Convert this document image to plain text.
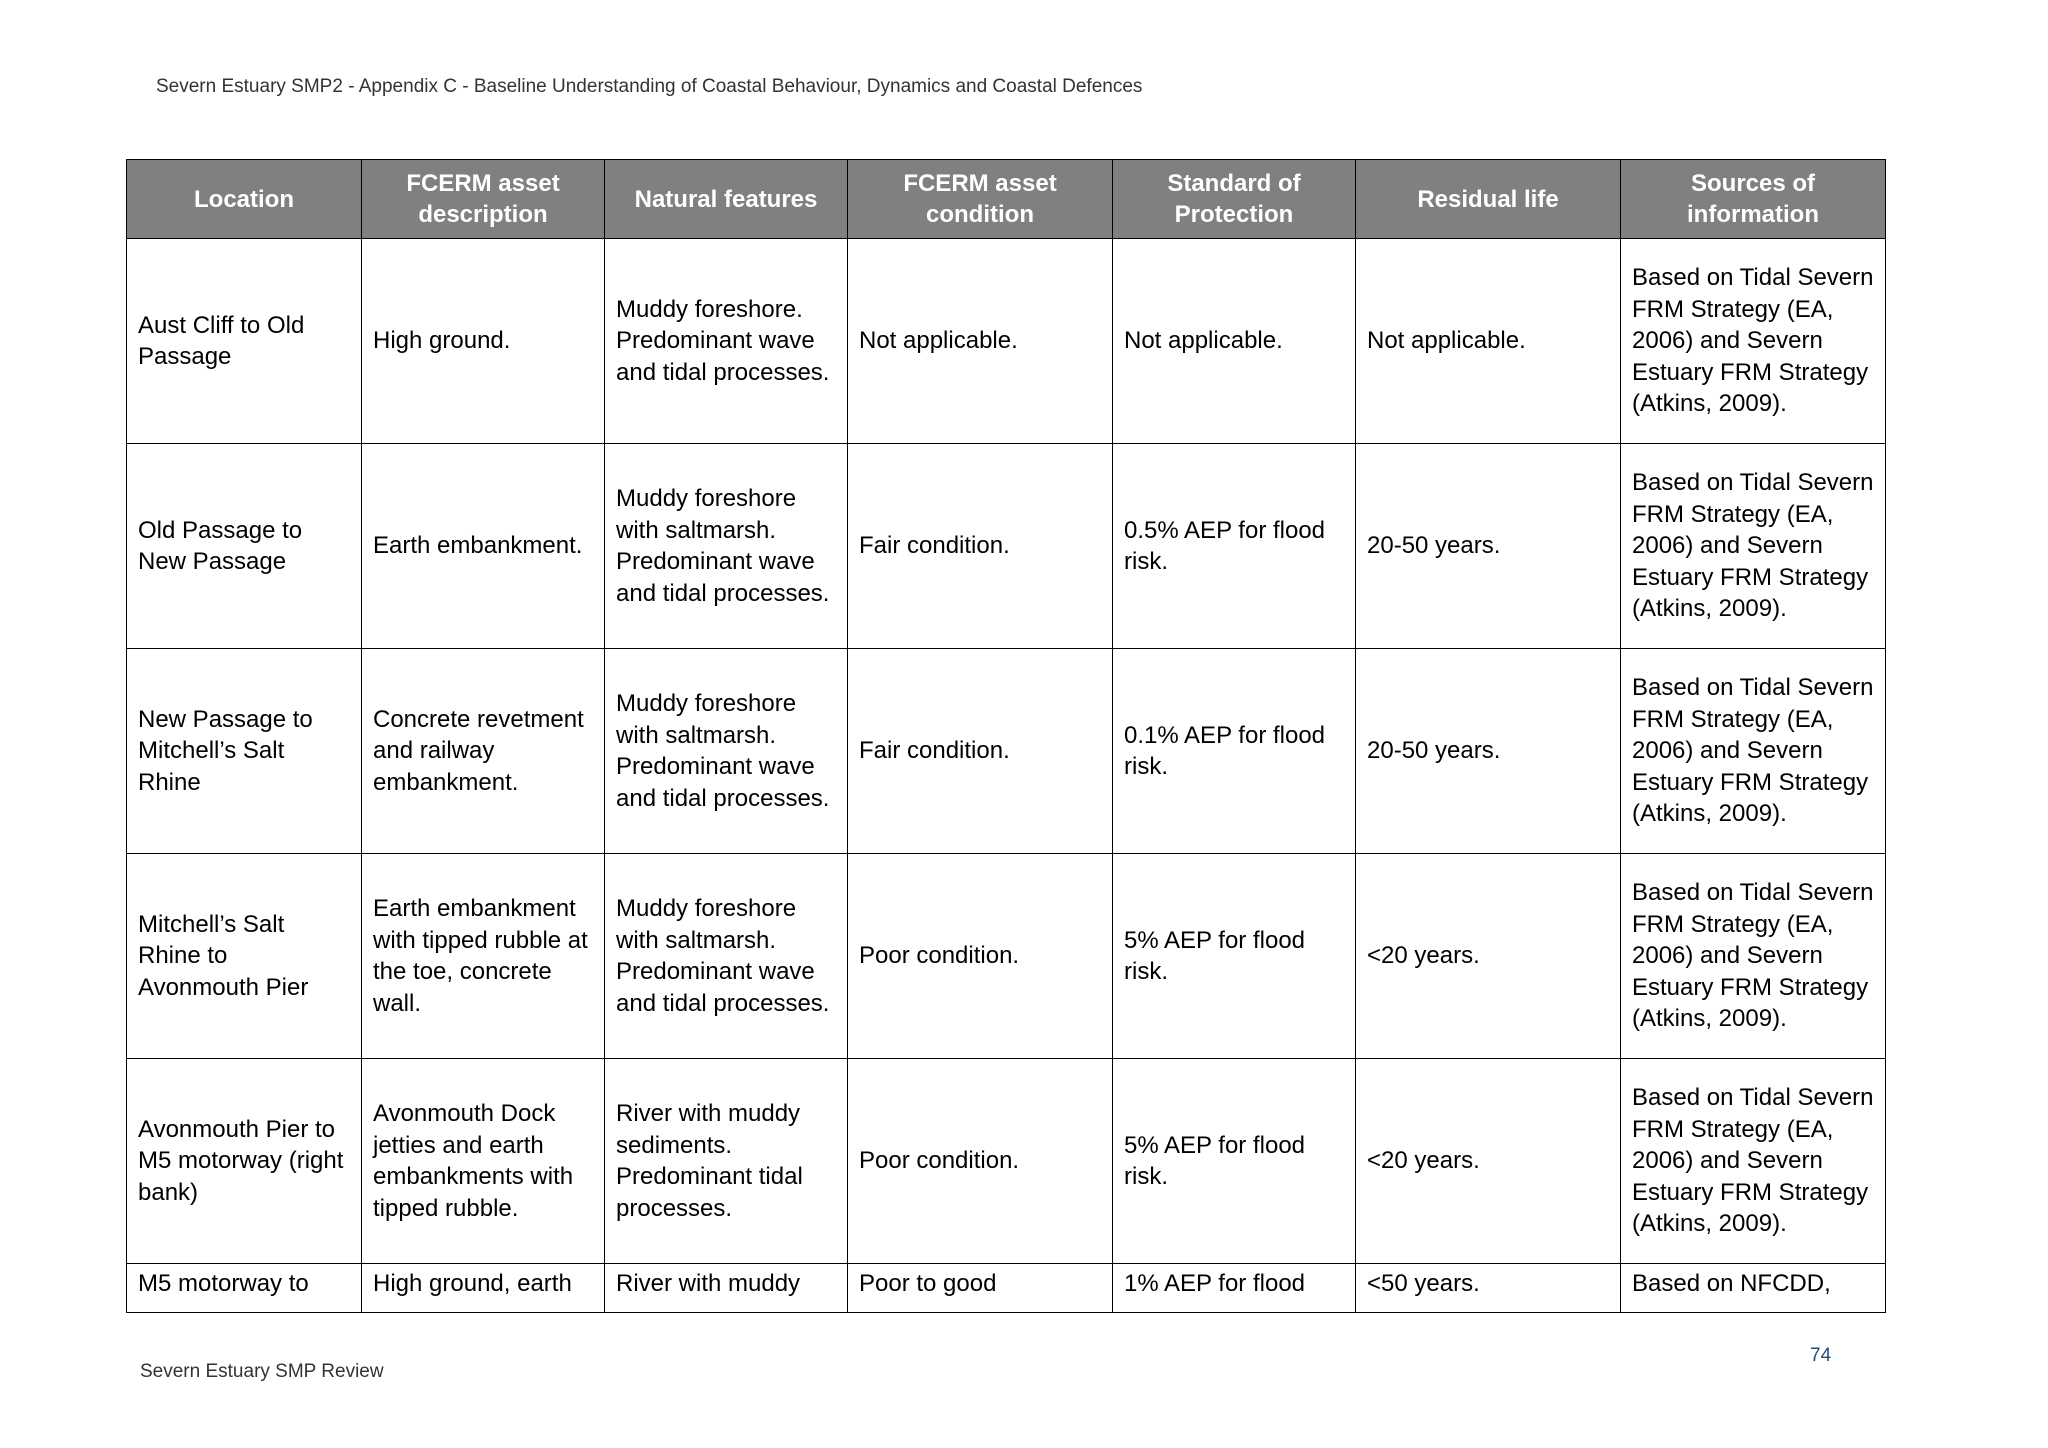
Severn Estuary SMP2 - Appendix C - Baseline Understanding of Coastal Behaviour, Dynamics and Coastal Defences
Location	FCERM asset description	Natural features	FCERM asset condition	Standard of Protection	Residual life	Sources of information
Aust Cliff to Old Passage	High ground.	Muddy foreshore. Predominant wave and tidal processes.	Not applicable.	Not applicable.	Not applicable.	Based on Tidal Severn FRM Strategy (EA, 2006) and Severn Estuary FRM Strategy (Atkins, 2009).
Old Passage to New Passage	Earth embankment.	Muddy foreshore with saltmarsh. Predominant wave and tidal processes.	Fair condition.	0.5% AEP for flood risk.	20-50 years.	Based on Tidal Severn FRM Strategy (EA, 2006) and Severn Estuary FRM Strategy (Atkins, 2009).
New Passage to Mitchell’s Salt Rhine	Concrete revetment and railway embankment.	Muddy foreshore with saltmarsh. Predominant wave and tidal processes.	Fair condition.	0.1% AEP for flood risk.	20-50 years.	Based on Tidal Severn FRM Strategy (EA, 2006) and Severn Estuary FRM Strategy (Atkins, 2009).
Mitchell’s Salt Rhine to Avonmouth Pier	Earth embankment with tipped rubble at the toe, concrete wall.	Muddy foreshore with saltmarsh. Predominant wave and tidal processes.	Poor condition.	5% AEP for flood risk.	<20 years.	Based on Tidal Severn FRM Strategy (EA, 2006) and Severn Estuary FRM Strategy (Atkins, 2009).
Avonmouth Pier to M5 motorway (right bank)	Avonmouth Dock jetties and earth embankments with tipped rubble.	River with muddy sediments. Predominant tidal processes.	Poor condition.	5% AEP for flood risk.	<20 years.	Based on Tidal Severn FRM Strategy (EA, 2006) and Severn Estuary FRM Strategy (Atkins, 2009).
M5 motorway to	High ground, earth	River with muddy	Poor to good	1% AEP for flood	<50 years.	Based on NFCDD,
74
Severn Estuary SMP Review
